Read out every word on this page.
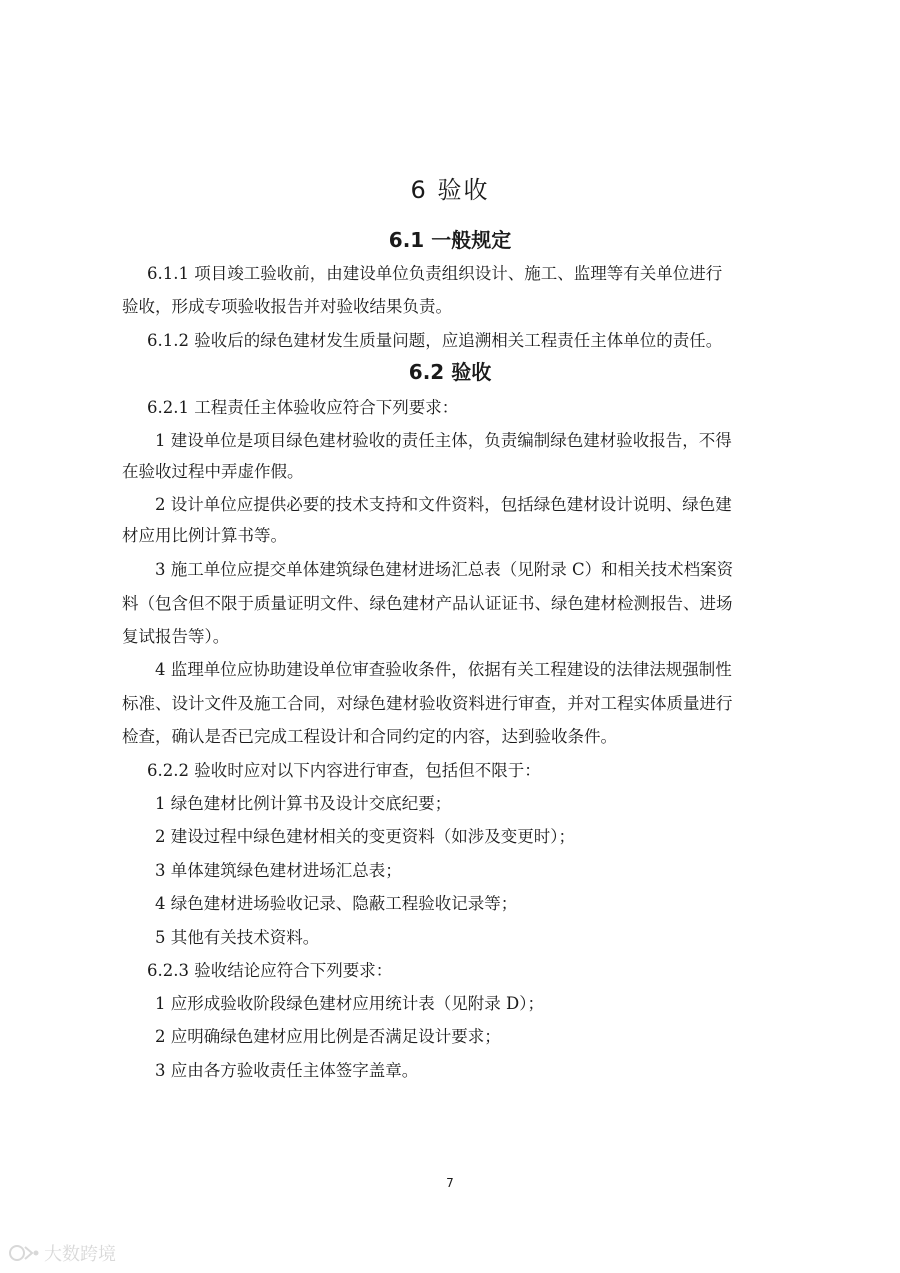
6 验收
6.1 一般规定
6.1.1 项目竣工验收前，由建设单位负责组织设计、施工、监理等有关单位进行
验收，形成专项验收报告并对验收结果负责。
6.1.2 验收后的绿色建材发生质量问题，应追溯相关工程责任主体单位的责任。
6.2 验收
6.2.1 工程责任主体验收应符合下列要求：
1 建设单位是项目绿色建材验收的责任主体，负责编制绿色建材验收报告，不得
在验收过程中弄虚作假。
2 设计单位应提供必要的技术支持和文件资料，包括绿色建材设计说明、绿色建
材应用比例计算书等。
3 施工单位应提交单体建筑绿色建材进场汇总表（见附录 C）和相关技术档案资
料（包含但不限于质量证明文件、绿色建材产品认证证书、绿色建材检测报告、进场
复试报告等）。
4 监理单位应协助建设单位审查验收条件，依据有关工程建设的法律法规强制性
标准、设计文件及施工合同，对绿色建材验收资料进行审查，并对工程实体质量进行
检查，确认是否已完成工程设计和合同约定的内容，达到验收条件。
6.2.2 验收时应对以下内容进行审查，包括但不限于：
1 绿色建材比例计算书及设计交底纪要；
2 建设过程中绿色建材相关的变更资料（如涉及变更时）；
3 单体建筑绿色建材进场汇总表；
4 绿色建材进场验收记录、隐蔽工程验收记录等；
5 其他有关技术资料。
6.2.3 验收结论应符合下列要求：
1 应形成验收阶段绿色建材应用统计表（见附录 D）；
2 应明确绿色建材应用比例是否满足设计要求；
3 应由各方验收责任主体签字盖章。
7
大数跨境
